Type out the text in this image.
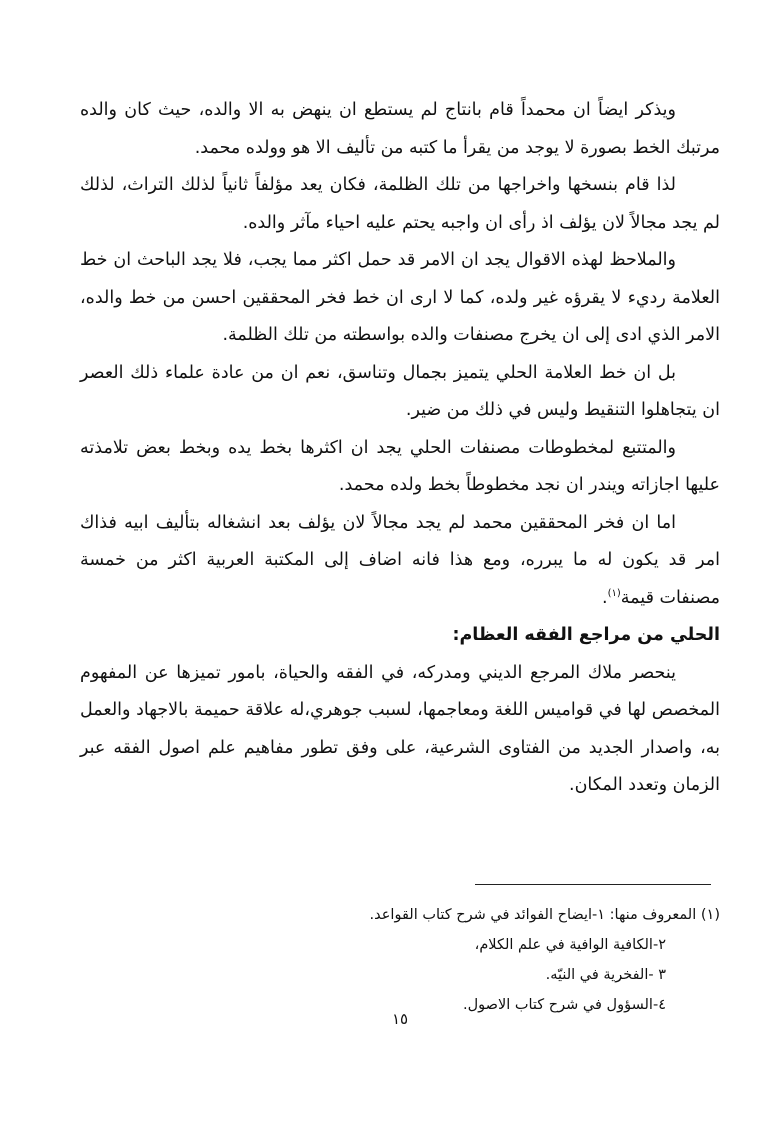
ويذكر ايضاً ان محمداً قام بانتاج لم يستطع ان ينهض به الا والده، حيث كان والده مرتبك الخط بصورة لا يوجد من يقرأ ما كتبه من تأليف الا هو وولده محمد.

لذا قام بنسخها واخراجها من تلك الظلمة، فكان يعد مؤلفاً ثانياً لذلك التراث، لذلك لم يجد مجالاً لان يؤلف اذ رأى ان واجبه يحتم عليه احياء مآثر والده.

والملاحظ لهذه الاقوال يجد ان الامر قد حمل اكثر مما يجب، فلا يجد الباحث ان خط العلامة رديء لا يقرؤه غير ولده، كما لا ارى ان خط فخر المحققين احسن من خط والده، الامر الذي ادى إلى ان يخرج مصنفات والده بواسطته من تلك الظلمة.

بل ان خط العلامة الحلي يتميز بجمال وتناسق، نعم ان من عادة علماء ذلك العصر ان يتجاهلوا التنقيط وليس في ذلك من ضير.

والمتتبع لمخطوطات مصنفات الحلي يجد ان اكثرها بخط يده وبخط بعض تلامذته عليها اجازاته ويندر ان نجد مخطوطاً بخط ولده محمد.

اما ان فخر المحققين محمد لم يجد مجالاً لان يؤلف بعد انشغاله بتأليف ابيه فذاك امر قد يكون له ما يبرره، ومع هذا فانه اضاف إلى المكتبة العربية اكثر من خمسة مصنفات قيمة$^{(١)}$.

الحلي من مراجع الفقه العظام:

ينحصر ملاك المرجع الديني ومدركه، في الفقه والحياة، بامور تميزها عن المفهوم المخصص لها في قواميس اللغة ومعاجمها، لسبب جوهري،له علاقة حميمة بالاجهاد والعمل به، واصدار الجديد من الفتاوى الشرعية، على وفق تطور مفاهيم علم اصول الفقه عبر الزمان وتعدد المكان.

(١) المعروف منها: ١-ايضاح الفوائد في شرح كتاب القواعد.

٢-الكافية الوافية في علم الكلام،

٣ -الفخرية في النيّه.

٤-السؤول في شرح كتاب الاصول.

١٥
